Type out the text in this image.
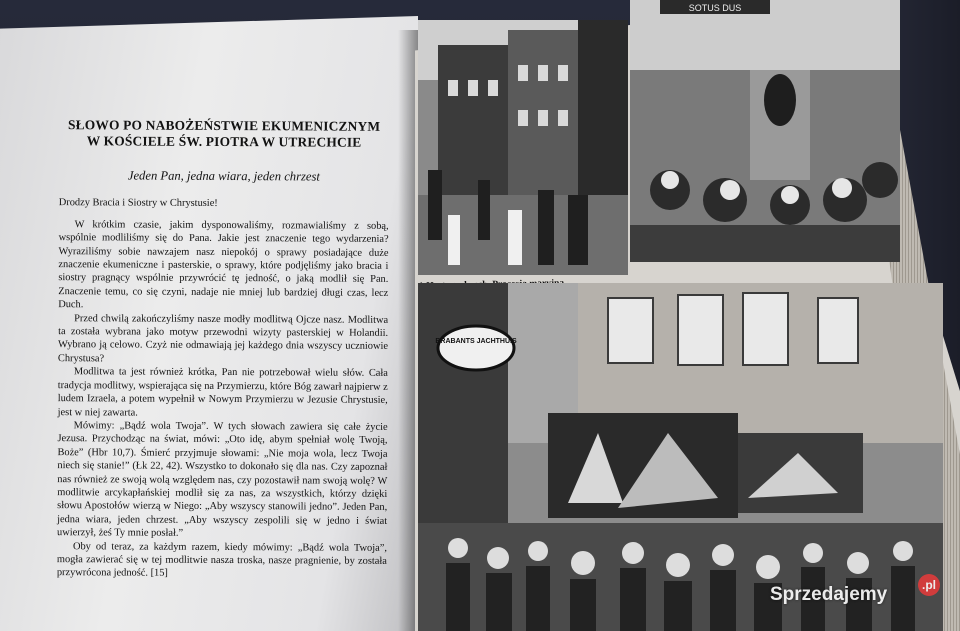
SŁOWO PO NABOŻEŃSTWIE EKUMENICZNYM

W KOŚCIELE ŚW. PIOTRA W UTRECHCIE

Jeden Pan, jedna wiara, jeden chrzest

Drodzy Bracia i Siostry w Chrystusie!

W krótkim czasie, jakim dysponowaliśmy, rozmawialiśmy z sobą, wspólnie modliliśmy się do Pana. Jakie jest znaczenie tego wydarzenia? Wyraziliśmy sobie nawzajem nasz niepokój o sprawy posiadające duże znaczenie ekumeniczne i pasterskie, o sprawy, które podjęliśmy jako bracia i siostry pragnący wspólnie przywrócić tę jedność, o jaką modlił się Pan. Znaczenie temu, co się czyni, nadaje nie mniej lub bardziej długi czas, lecz Duch.

Przed chwilą zakończyliśmy nasze modły modlitwą Ojcze nasz. Modlitwa ta została wybrana jako motyw przewodni wizyty pasterskiej w Holandii. Wybrano ją celowo. Czyż nie odmawiają jej każdego dnia wszyscy uczniowie Chrystusa?

Modlitwa ta jest również krótka, Pan nie potrzebował wielu słów. Cała tradycja modlitwy, wspierająca się na Przymierzu, które Bóg zawarł najpierw z ludem Izraela, a potem wypełnił w Nowym Przymierzu w Jezusie Chrystusie, jest w niej zawarta.

Mówimy: „Bądź wola Twoja”. W tych słowach zawiera się całe życie Jezusa. Przychodząc na świat, mówi: „Oto idę, abym spełniał wolę Twoją, Boże” (Hbr 10,7). Śmierć przyjmuje słowami: „Nie moja wola, lecz Twoja niech się stanie!” (Łk 22, 42). Wszystko to dokonało się dla nas. Czy zapoznał nas również ze swoją wolą względem nas, czy pozostawił nam swoją wolę? W modlitwie arcykapłańskiej modlił się za nas, za wszystkich, którzy dzięki słowu Apostołów wierzą w Niego: „Aby wszyscy stanowili jedno”. Jeden Pan, jedna wiara, jeden chrzest. „Aby wszyscy zespolili się w jedno i świat uwierzył, żeś Ty mnie posłał.”

Oby od teraz, za każdym razem, kiedy mówimy: „Bądź wola Twoja”, mogła zawierać się w tej modlitwie nasza troska, nasze pragnienie, by została przywrócona jedność. [15]

SOTUS DUS
BRABANTS JACHTHUIS
Sprzedajemy	.pl
